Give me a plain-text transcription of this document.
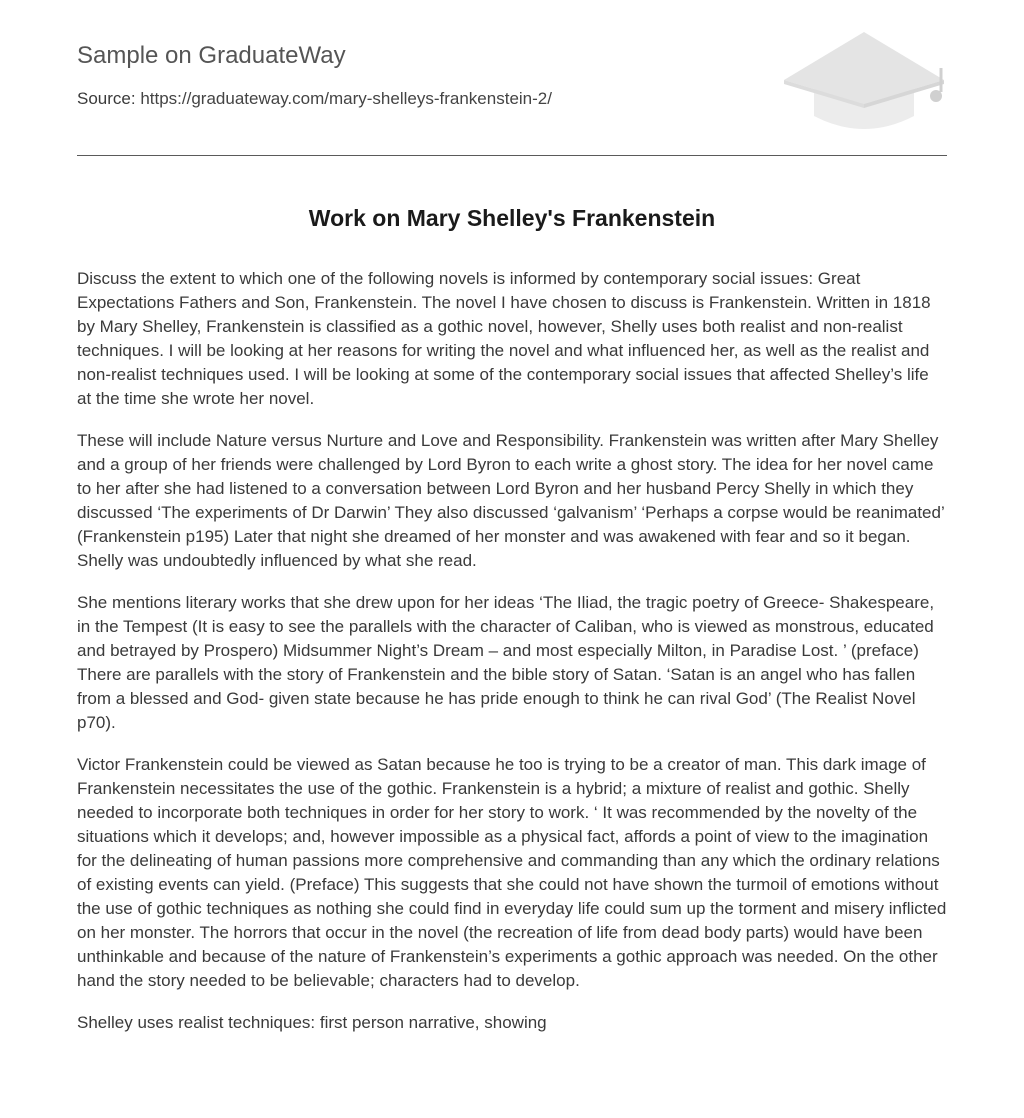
Sample on GraduateWay
Source: https://graduateway.com/mary-shelleys-frankenstein-2/
Work on Mary Shelley's Frankenstein

Discuss the extent to which one of the following novels is informed by contemporary social issues: Great Expectations Fathers and Son, Frankenstein. The novel I have chosen to discuss is Frankenstein. Written in 1818 by Mary Shelley, Frankenstein is classified as a gothic novel, however, Shelly uses both realist and non-realist techniques. I will be looking at her reasons for writing the novel and what influenced her, as well as the realist and non-realist techniques used. I will be looking at some of the contemporary social issues that affected Shelley’s life at the time she wrote her novel.

These will include Nature versus Nurture and Love and Responsibility. Frankenstein was written after Mary Shelley and a group of her friends were challenged by Lord Byron to each write a ghost story. The idea for her novel came to her after she had listened to a conversation between Lord Byron and her husband Percy Shelly in which they discussed ‘The experiments of Dr Darwin’ They also discussed ‘galvanism’ ‘Perhaps a corpse would be reanimated’ (Frankenstein p195) Later that night she dreamed of her monster and was awakened with fear and so it began. Shelly was undoubtedly influenced by what she read.

She mentions literary works that she drew upon for her ideas ‘The Iliad, the tragic poetry of Greece- Shakespeare, in the Tempest (It is easy to see the parallels with the character of Caliban, who is viewed as monstrous, educated and betrayed by Prospero) Midsummer Night’s Dream – and most especially Milton, in Paradise Lost. ’ (preface) There are parallels with the story of Frankenstein and the bible story of Satan. ‘Satan is an angel who has fallen from a blessed and God- given state because he has pride enough to think he can rival God’ (The Realist Novel p70).

Victor Frankenstein could be viewed as Satan because he too is trying to be a creator of man. This dark image of Frankenstein necessitates the use of the gothic. Frankenstein is a hybrid; a mixture of realist and gothic. Shelly needed to incorporate both techniques in order for her story to work. ‘ It was recommended by the novelty of the situations which it develops; and, however impossible as a physical fact, affords a point of view to the imagination for the delineating of human passions more comprehensive and commanding than any which the ordinary relations of existing events can yield. (Preface) This suggests that she could not have shown the turmoil of emotions without the use of gothic techniques as nothing she could find in everyday life could sum up the torment and misery inflicted on her monster. The horrors that occur in the novel (the recreation of life from dead body parts) would have been unthinkable and because of the nature of Frankenstein’s experiments a gothic approach was needed. On the other hand the story needed to be believable; characters had to develop.

Shelley uses realist techniques: first person narrative, showing
